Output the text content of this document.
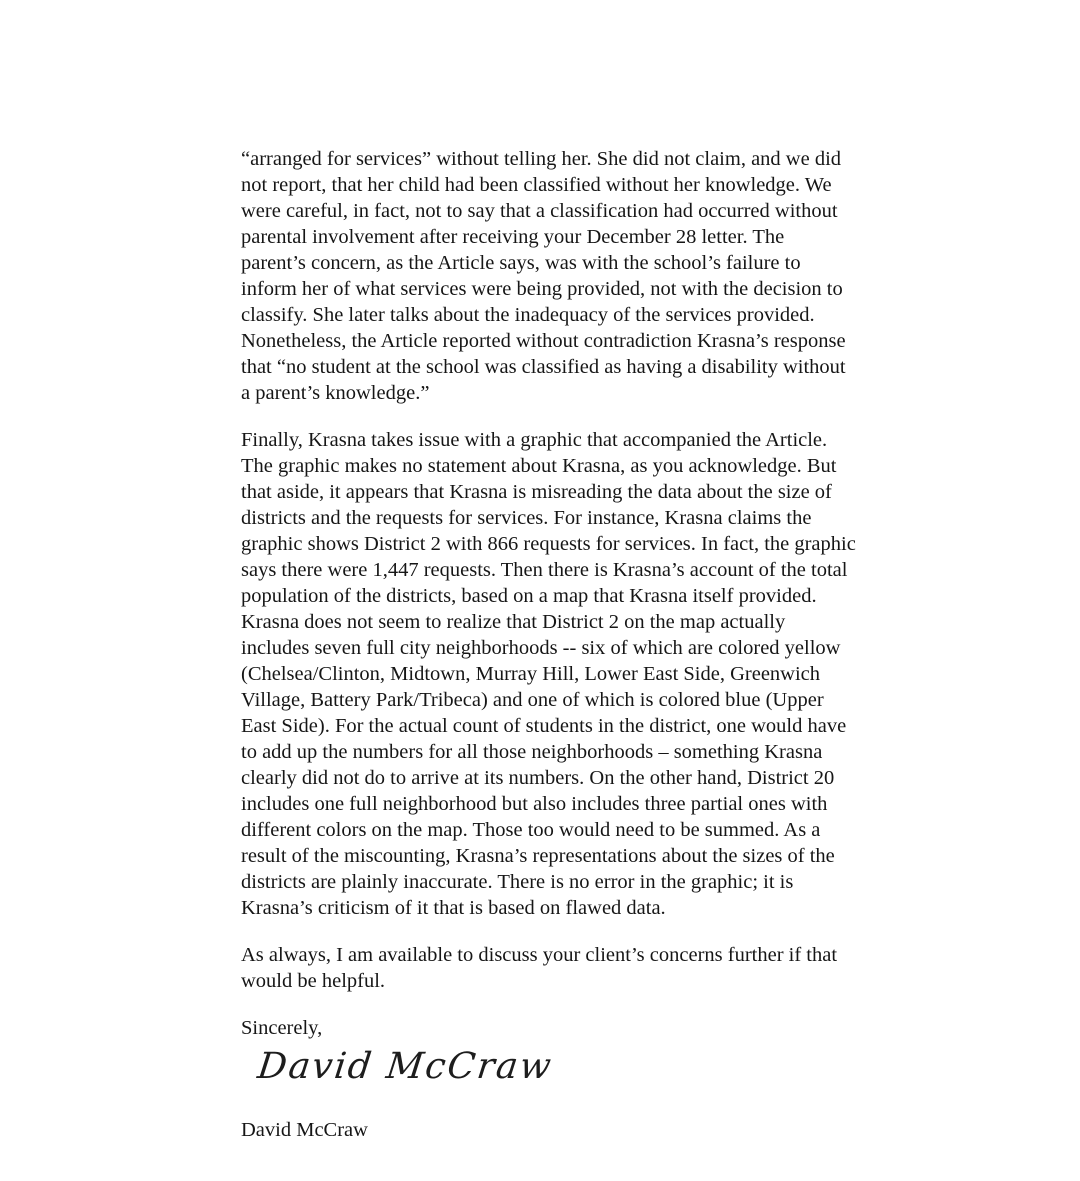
“arranged for services” without telling her. She did not claim, and we did
not report, that her child had been classified without her knowledge. We
were careful, in fact, not to say that a classification had occurred without
parental involvement after receiving your December 28 letter. The
parent’s concern, as the Article says, was with the school’s failure to
inform her of what services were being provided, not with the decision to
classify. She later talks about the inadequacy of the services provided.
Nonetheless, the Article reported without contradiction Krasna’s response
that “no student at the school was classified as having a disability without
a parent’s knowledge.”
Finally, Krasna takes issue with a graphic that accompanied the Article.
The graphic makes no statement about Krasna, as you acknowledge. But
that aside, it appears that Krasna is misreading the data about the size of
districts and the requests for services. For instance, Krasna claims the
graphic shows District 2 with 866 requests for services. In fact, the graphic
says there were 1,447 requests. Then there is Krasna’s account of the total
population of the districts, based on a map that Krasna itself provided.
Krasna does not seem to realize that District 2 on the map actually
includes seven full city neighborhoods -- six of which are colored yellow
(Chelsea/Clinton, Midtown, Murray Hill, Lower East Side, Greenwich
Village, Battery Park/Tribeca) and one of which is colored blue (Upper
East Side). For the actual count of students in the district, one would have
to add up the numbers for all those neighborhoods – something Krasna
clearly did not do to arrive at its numbers. On the other hand, District 20
includes one full neighborhood but also includes three partial ones with
different colors on the map. Those too would need to be summed. As a
result of the miscounting, Krasna’s representations about the sizes of the
districts are plainly inaccurate. There is no error in the graphic; it is
Krasna’s criticism of it that is based on flawed data.
As always, I am available to discuss your client’s concerns further if that
would be helpful.
Sincerely,
David McCraw
David McCraw
